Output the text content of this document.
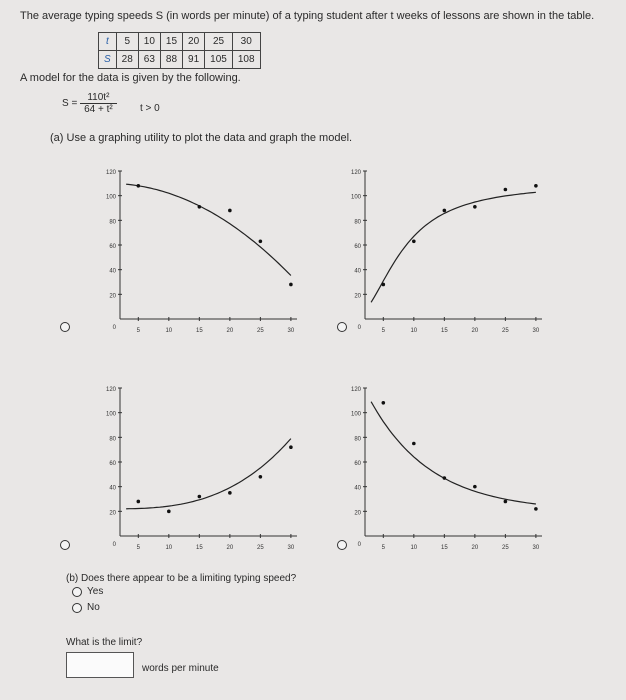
The average typing speeds S (in words per minute) of a typing student after t weeks of lessons are shown in the table.
t	5	10	15	20	25	30
S	28	63	88	91	105	108
A model for the data is given by the following.
$S = \frac{\text{110t²}}{\text{64 + t²}}$ t > 0
(a) Use a graphing utility to plot the data and graph the model.
120
100
80
60
40
20
5	10	15	20	25	30
0
120
100
80
60
40
20
5	10	15	20	25	30
0
120
100
80
60
40
20
5	10	15	20	25	30
0
120
100
80
60
40
20
5	10	15	20	25	30
0
(b) Does there appear to be a limiting typing speed?
Yes
No
What is the limit?
words per minute
